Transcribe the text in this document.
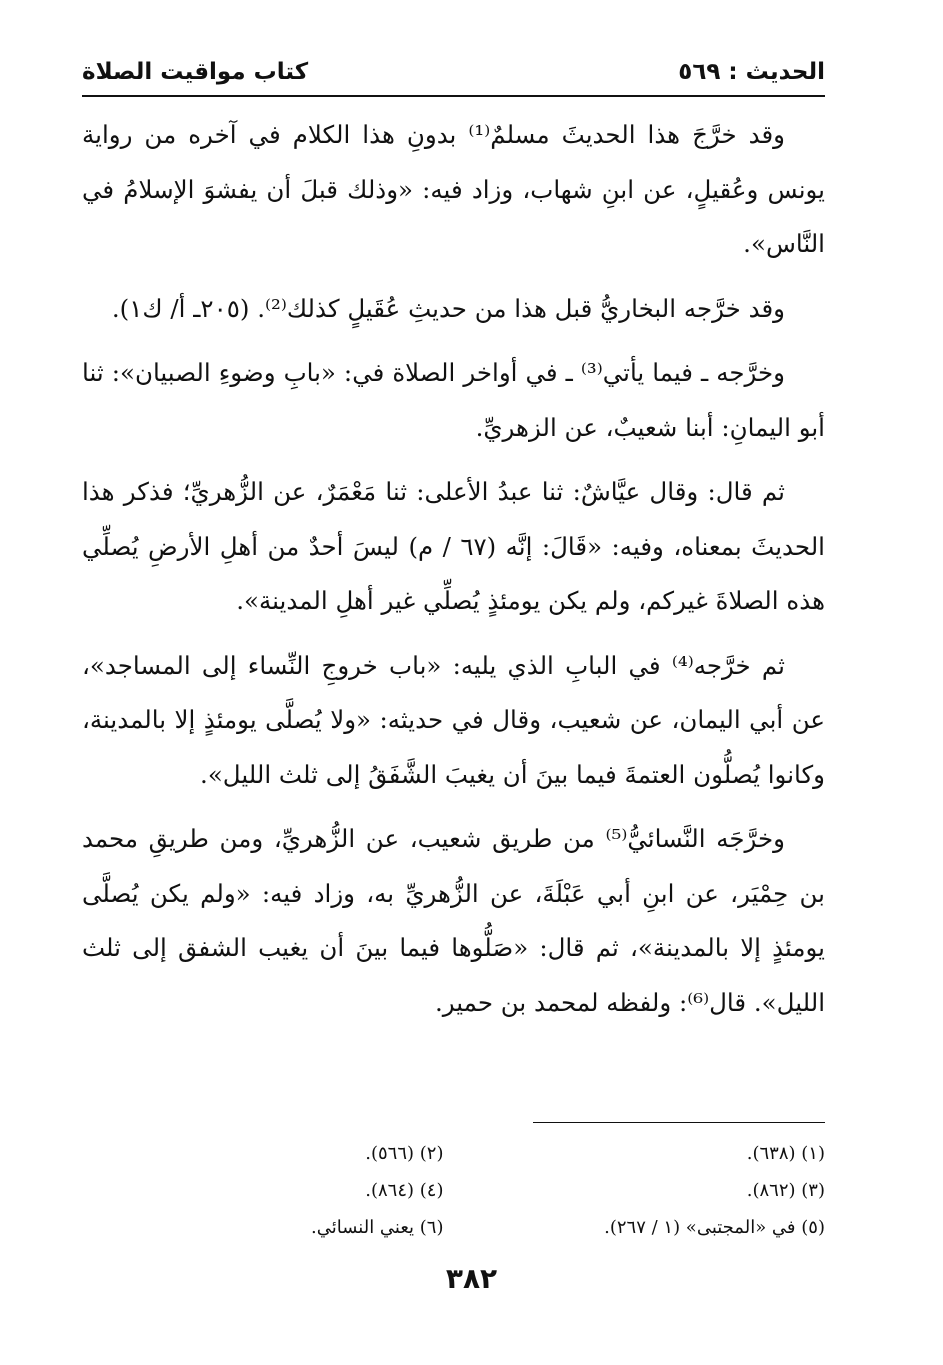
الحديث : ٥٦٩
كتاب مواقيت الصلاة

وقد خرَّجَ هذا الحديثَ مسلمٌ⁽¹⁾ بدونِ هذا الكلام في آخره من رواية يونس وعُقيلٍ، عن ابنِ شهاب، وزاد فيه: «وذلك قبلَ أن يفشوَ الإسلامُ في النَّاس».

وقد خرَّجه البخاريُّ قبل هذا من حديثِ عُقَيلٍ كذلك⁽²⁾. (٢٠٥ـ أ/ ك١).

وخرَّجه ـ فيما يأتي⁽³⁾ ـ في أواخر الصلاة في: «بابِ وضوءِ الصبيان»: ثنا أبو اليمانِ: أبنا شعيبٌ، عن الزهريِّ.

ثم قال: وقال عيَّاشٌ: ثنا عبدُ الأعلى: ثنا مَعْمَرٌ، عن الزُّهريِّ؛ فذكر هذا الحديثَ بمعناه، وفيه: «قَالَ: إنَّه (٦٧ / م) ليسَ أحدٌ من أهلِ الأرضِ يُصلِّي هذه الصلاةَ غيركم، ولم يكن يومئذٍ يُصلِّي غير أهلِ المدينة».

ثم خرَّجه⁽⁴⁾ في البابِ الذي يليه: «باب خروجِ النِّساء إلى المساجد»، عن أبي اليمان، عن شعيب، وقال في حديثه: «ولا يُصلَّى يومئذٍ إلا بالمدينة، وكانوا يُصلُّون العتمةَ فيما بينَ أن يغيبَ الشَّفَقُ إلى ثلث الليل».

وخرَّجَه النَّسائيُّ⁽⁵⁾ من طريق شعيب، عن الزُّهريِّ، ومن طريقِ محمد بن حِمْيَر، عن ابنِ أبي عَبْلَةَ، عن الزُّهريِّ به، وزاد فيه: «ولم يكن يُصلَّى يومئذٍ إلا بالمدينة»، ثم قال: «صَلُّوها فيما بينَ أن يغيب الشفق إلى ثلث الليل». قال⁽⁶⁾: ولفظه لمحمد بن حمير.

(١) (٦٣٨).
(٢) (٥٦٦).
(٣) (٨٦٢).
(٤) (٨٦٤).
(٥) في «المجتبى» (١ / ٢٦٧).
(٦) يعني النسائي.
٣٨٢
